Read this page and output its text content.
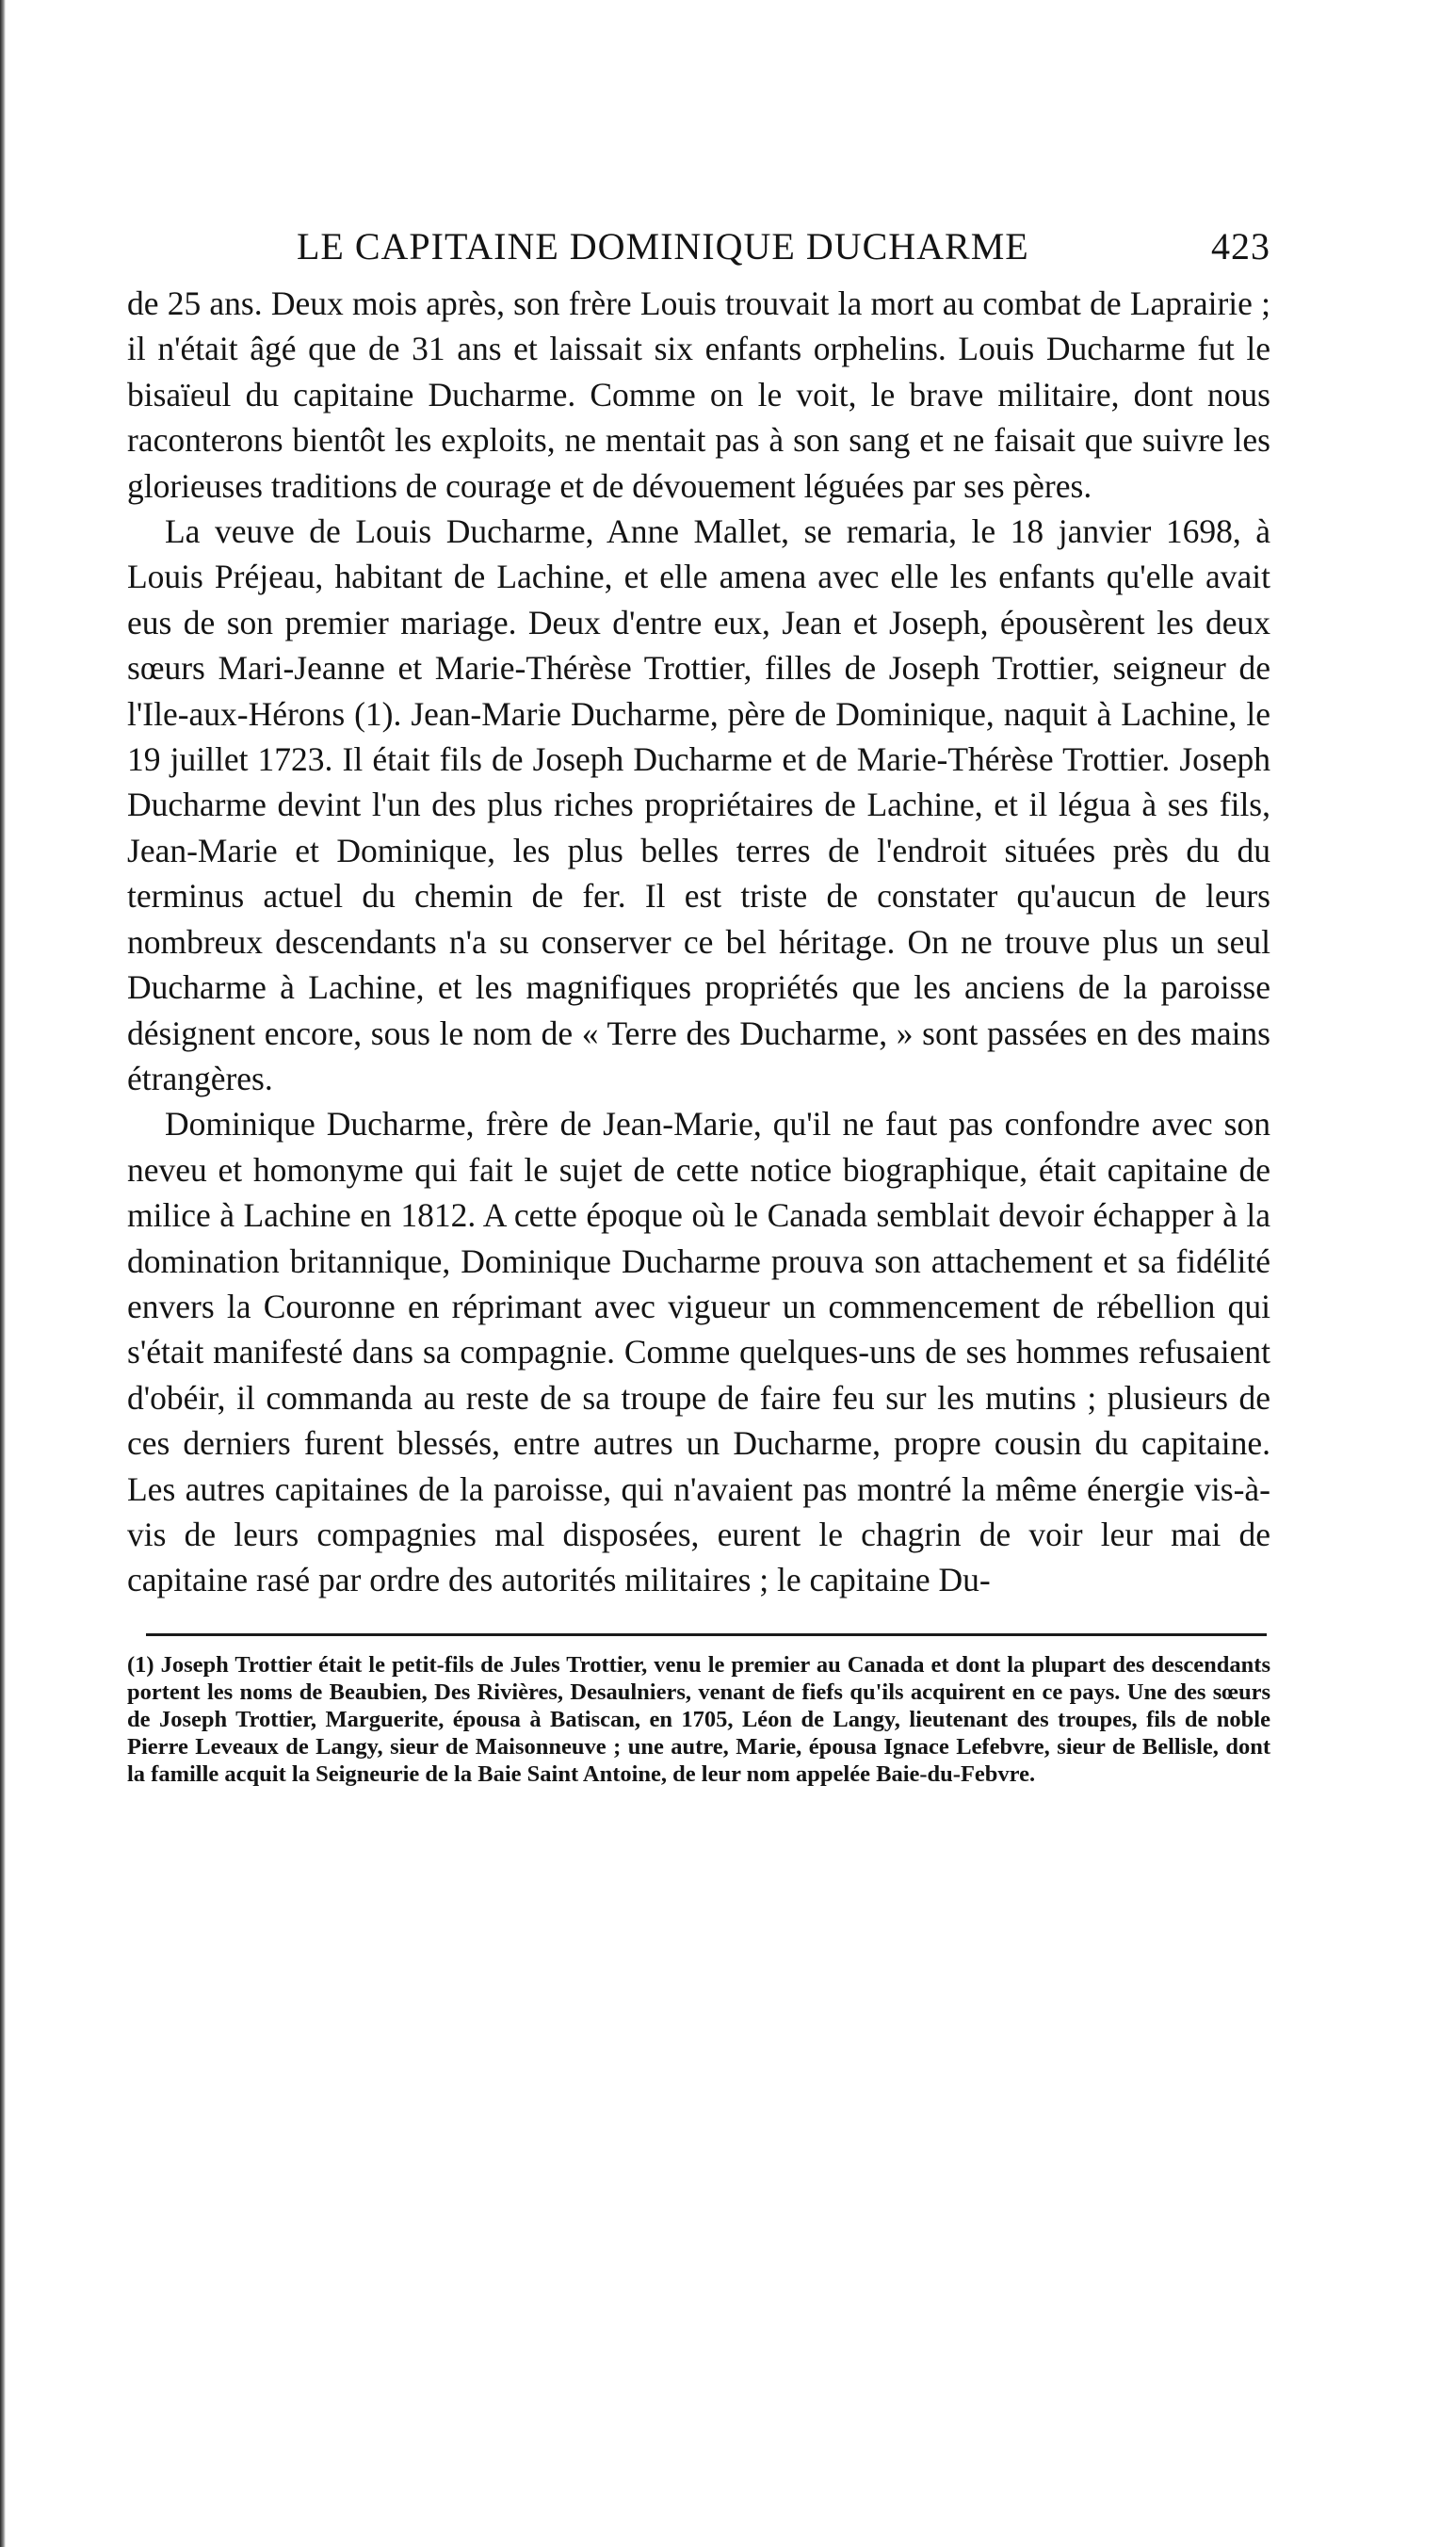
LE CAPITAINE DOMINIQUE DUCHARME	423

de 25 ans. Deux mois après, son frère Louis trouvait la mort au combat de Laprairie ; il n'était âgé que de 31 ans et laissait six enfants orphelins. Louis Ducharme fut le bisaïeul du capitaine Ducharme. Comme on le voit, le brave militaire, dont nous raconterons bientôt les exploits, ne mentait pas à son sang et ne faisait que suivre les glorieuses traditions de courage et de dévouement léguées par ses pères.

La veuve de Louis Ducharme, Anne Mallet, se remaria, le 18 janvier 1698, à Louis Préjeau, habitant de Lachine, et elle amena avec elle les enfants qu'elle avait eus de son premier mariage. Deux d'entre eux, Jean et Joseph, épousèrent les deux sœurs Mari-Jeanne et Marie-Thérèse Trottier, filles de Joseph Trottier, seigneur de l'Ile-aux-Hérons (1). Jean-Marie Ducharme, père de Dominique, naquit à Lachine, le 19 juillet 1723. Il était fils de Joseph Ducharme et de Marie-Thérèse Trottier. Joseph Ducharme devint l'un des plus riches propriétaires de Lachine, et il légua à ses fils, Jean-Marie et Dominique, les plus belles terres de l'endroit situées près du du terminus actuel du chemin de fer. Il est triste de constater qu'aucun de leurs nombreux descendants n'a su conserver ce bel héritage. On ne trouve plus un seul Ducharme à Lachine, et les magnifiques propriétés que les anciens de la paroisse désignent encore, sous le nom de « Terre des Ducharme, » sont passées en des mains étrangères.

Dominique Ducharme, frère de Jean-Marie, qu'il ne faut pas confondre avec son neveu et homonyme qui fait le sujet de cette notice biographique, était capitaine de milice à Lachine en 1812. A cette époque où le Canada semblait devoir échapper à la domination britannique, Dominique Ducharme prouva son attachement et sa fidélité envers la Couronne en réprimant avec vigueur un commencement de rébellion qui s'était manifesté dans sa compagnie. Comme quelques-uns de ses hommes refusaient d'obéir, il commanda au reste de sa troupe de faire feu sur les mutins ; plusieurs de ces derniers furent blessés, entre autres un Ducharme, propre cousin du capitaine. Les autres capitaines de la paroisse, qui n'avaient pas montré la même énergie vis-à-vis de leurs compagnies mal disposées, eurent le chagrin de voir leur mai de capitaine rasé par ordre des autorités militaires ; le capitaine Du-

(1) Joseph Trottier était le petit-fils de Jules Trottier, venu le premier au Canada et dont la plupart des descendants portent les noms de Beaubien, Des Rivières, Desaulniers, venant de fiefs qu'ils acquirent en ce pays. Une des sœurs de Joseph Trottier, Marguerite, épousa à Batiscan, en 1705, Léon de Langy, lieutenant des troupes, fils de noble Pierre Leveaux de Langy, sieur de Maisonneuve ; une autre, Marie, épousa Ignace Lefebvre, sieur de Bellisle, dont la famille acquit la Seigneurie de la Baie Saint Antoine, de leur nom appelée Baie-du-Febvre.
